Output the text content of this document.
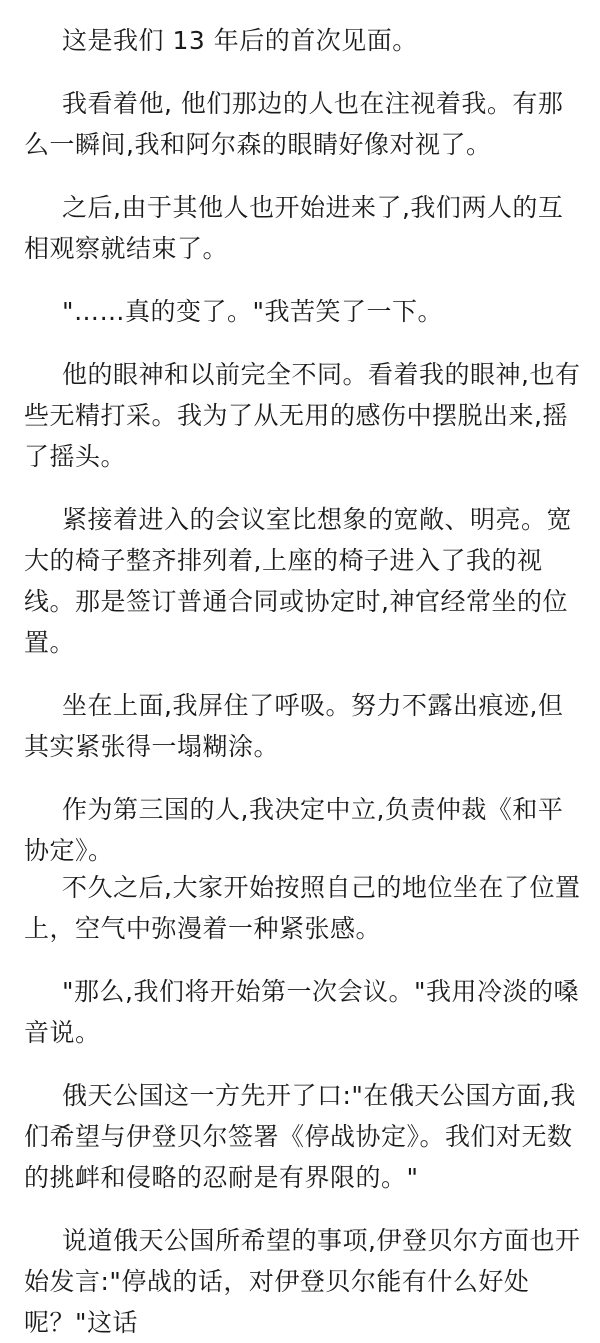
这是我们 13 年后的首次见面。

我看着他, 他们那边的人也在注视着我。有那么一瞬间,我和阿尔森的眼睛好像对视了。

之后,由于其他人也开始进来了,我们两人的互相观察就结束了。

"……真的变了。"我苦笑了一下。

他的眼神和以前完全不同。看着我的眼神,也有些无精打采。我为了从无用的感伤中摆脱出来,摇了摇头。

紧接着进入的会议室比想象的宽敞、明亮。宽大的椅子整齐排列着,上座的椅子进入了我的视线。那是签订普通合同或协定时,神官经常坐的位置。

坐在上面,我屏住了呼吸。努力不露出痕迹,但其实紧张得一塌糊涂。

作为第三国的人,我决定中立,负责仲裁《和平协定》。

不久之后,大家开始按照自己的地位坐在了位置上，空气中弥漫着一种紧张感。

"那么,我们将开始第一次会议。"我用冷淡的嗓音说。

俄天公国这一方先开了口:"在俄天公国方面,我们希望与伊登贝尔签署《停战协定》。我们对无数的挑衅和侵略的忍耐是有界限的。"

说道俄天公国所希望的事项,伊登贝尔方面也开始发言:"停战的话，对伊登贝尔能有什么好处呢？"这话
